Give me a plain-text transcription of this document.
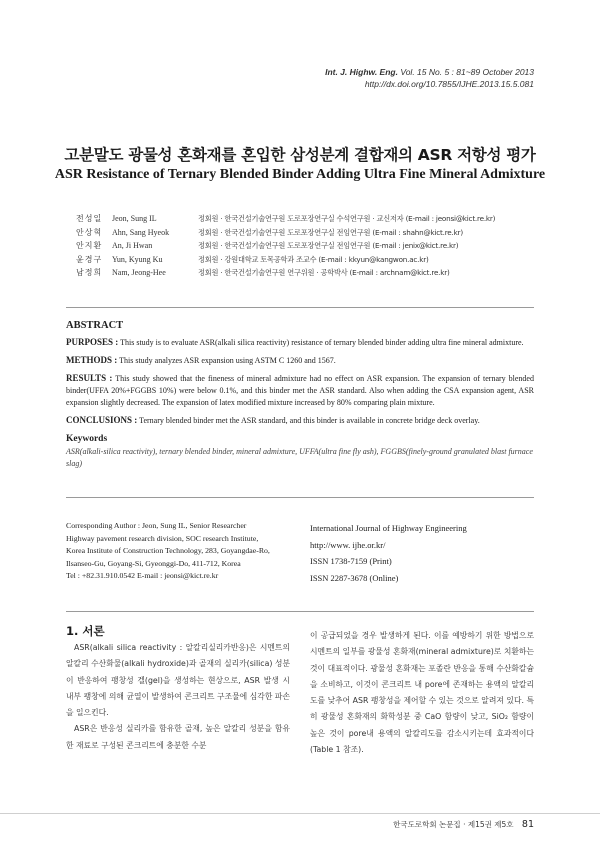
Int. J. Highw. Eng. Vol. 15 No. 5 : 81~89 October 2013
http://dx.doi.org/10.7855/IJHE.2013.15.5.081
고분말도 광물성 혼화재를 혼입한 삼성분계 결합재의 ASR 저항성 평가
ASR Resistance of Ternary Blended Binder Adding Ultra Fine Mineral Admixture
전성일	Jeon, Sung IL	정회원 · 한국건설기술연구원 도로포장연구실 수석연구원 · 교신저자 (E-mail : jeonsi@kict.re.kr)
안상혁	Ahn, Sang Hyeok	정회원 · 한국건설기술연구원 도로포장연구실 전임연구원 (E-mail : shahn@kict.re.kr)
안지환	An, Ji Hwan	정회원 · 한국건설기술연구원 도로포장연구실 전임연구원 (E-mail : jenix@kict.re.kr)
윤경구	Yun, Kyung Ku	정회원 · 강원대학교 토목공학과 조교수 (E-mail : kkyun@kangwon.ac.kr)
남정희	Nam, Jeong-Hee	정회원 · 한국건설기술연구원 연구위원 · 공학박사 (E-mail : archnam@kict.re.kr)
ABSTRACT

PURPOSES : This study is to evaluate ASR(alkali silica reactivity) resistance of ternary blended binder adding ultra fine mineral admixture.

METHODS : This study analyzes ASR expansion using ASTM C 1260 and 1567.

RESULTS : This study showed that the fineness of mineral admixture had no effect on ASR expansion. The expansion of ternary blended binder(UFFA 20%+FGGBS 10%) were below 0.1%, and this binder met the ASR standard. Also when adding the CSA expansion agent, ASR expansion slightly decreased. The expansion of latex modified mixture increased by 80% comparing plain mixture.

CONCLUSIONS : Ternary blended binder met the ASR standard, and this binder is available in concrete bridge deck overlay.

Keywords
ASR(alkali-silica reactivity), ternary blended binder, mineral admixture, UFFA(ultra fine fly ash), FGGBS(finely-ground granulated blast furnace slag)
Corresponding Author : Jeon, Sung IL, Senior Researcher
Highway pavement research division, SOC research Institute,
Korea Institute of Construction Technology, 283, Goyangdae-Ro,
Ilsanseo-Gu, Goyang-Si, Gyeonggi-Do, 411-712, Korea
Tel : +82.31.910.0542 E-mail : jeonsi@kict.re.kr
International Journal of Highway Engineering
http://www. ijhe.or.kr/
ISSN 1738-7159 (Print)
ISSN 2287-3678 (Online)
1. 서론

ASR(alkali silica reactivity : 알칼리실리카반응)은 시멘트의 알칼리 수산화물(alkali hydroxide)과 골재의 실리카(silica) 성분이 반응하여 팽창성 겔(gel)을 생성하는 현상으로, ASR 발생 시 내부 팽창에 의해 균열이 발생하여 콘크리트 구조물에 심각한 파손을 일으킨다.

ASR은 반응성 실리카를 함유한 골재, 높은 알칼리 성분을 함유한 재료로 구성된 콘크리트에 충분한 수분

이 공급되었을 경우 발생하게 된다. 이를 예방하기 위한 방법으로 시멘트의 일부를 광물성 혼화재(mineral admixture)로 치환하는 것이 대표적이다. 광물성 혼화재는 포졸란 반응을 통해 수산화칼슘을 소비하고, 이것이 콘크리트 내 pore에 존재하는 용액의 알칼리도를 낮추어 ASR 팽창성을 제어할 수 있는 것으로 알려져 있다. 특히 광물성 혼화재의 화학성분 중 CaO 함량이 낮고, SiO₂ 함량이 높은 것이 pore내 용액의 알칼리도를 감소시키는데 효과적이다(Table 1 참조).

한국도로학회 논문집 · 제15권 제5호 81
